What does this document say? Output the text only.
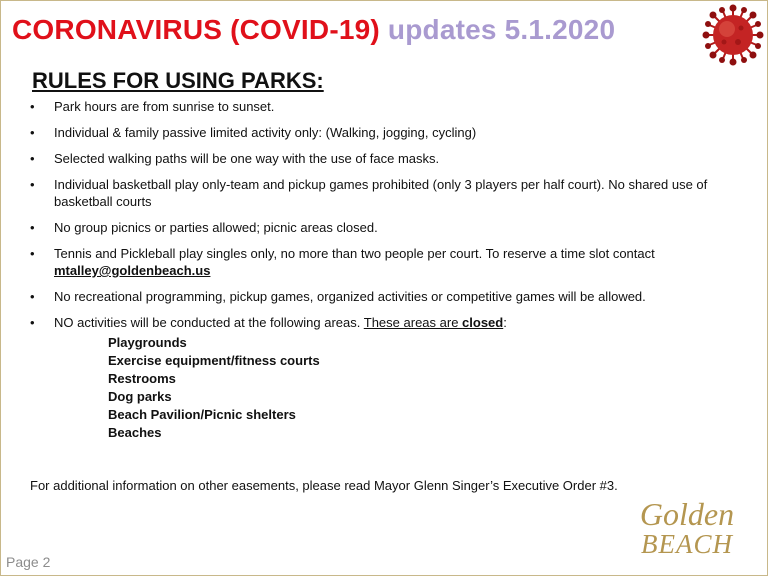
CORONAVIRUS (COVID-19) updates 5.1.2020
RULES FOR USING PARKS:
• Park hours are from sunrise to sunset.
• Individual & family passive limited activity only: (Walking, jogging, cycling)
• Selected walking paths will be one way with the use of face masks.
• Individual basketball play only-team and pickup games prohibited (only 3 players per half court). No shared use of basketball courts
• No group picnics or parties allowed; picnic areas closed.
• Tennis and Pickleball play singles only, no more than two people per court. To reserve a time slot contact mtalley@goldenbeach.us
• No recreational programming, pickup games, organized activities or competitive games will be allowed.
• NO activities will be conducted at the following areas. These areas are closed:
Playgrounds
Exercise equipment/fitness courts
Restrooms
Dog parks
Beach Pavilion/Picnic shelters
Beaches
For additional information on other easements, please read Mayor Glenn Singer’s Executive Order #3.
Page 2
Golden
BEACH
